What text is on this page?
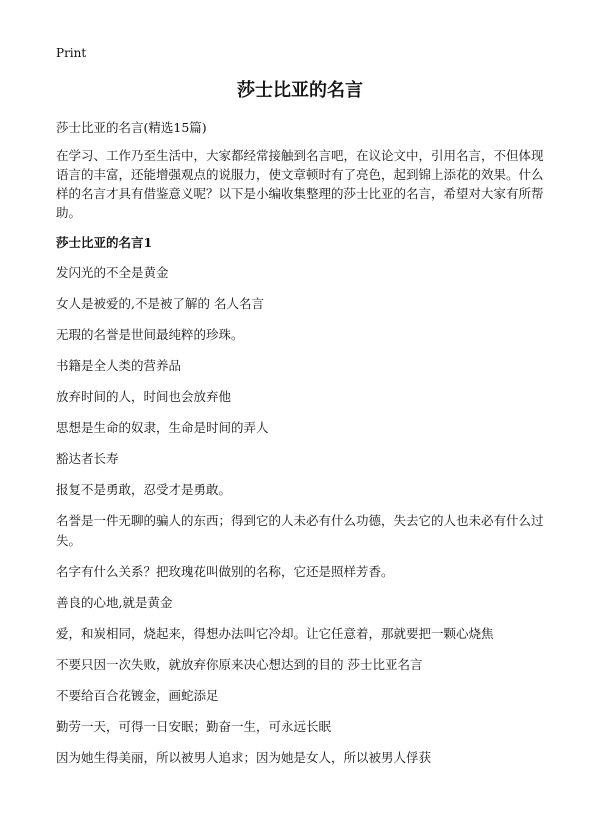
Print
莎士比亚的名言

莎士比亚的名言(精选15篇)

在学习、工作乃至生活中，大家都经常接触到名言吧，在议论文中，引用名言，不但体现语言的丰富，还能增强观点的说服力，使文章顿时有了亮色，起到锦上添花的效果。什么样的名言才具有借鉴意义呢？以下是小编收集整理的莎士比亚的名言，希望对大家有所帮助。

莎士比亚的名言1

发闪光的不全是黄金
女人是被爱的,不是被了解的 名人名言
无瑕的名誉是世间最纯粹的珍珠。
书籍是全人类的营养品
放弃时间的人，时间也会放弃他
思想是生命的奴隶，生命是时间的弄人
豁达者长寿
报复不是勇敢，忍受才是勇敢。
名誉是一件无聊的骗人的东西；得到它的人未必有什么功德，失去它的人也未必有什么过失。
名字有什么关系？把玫瑰花叫做别的名称，它还是照样芳香。
善良的心地,就是黄金
爱，和炭相同，烧起来，得想办法叫它冷却。让它任意着，那就要把一颗心烧焦
不要只因一次失败，就放弃你原来决心想达到的目的 莎士比亚名言
不要给百合花镀金，画蛇添足
勤劳一天，可得一日安眠；勤奋一生，可永远长眠
因为她生得美丽，所以被男人追求；因为她是女人，所以被男人俘获
